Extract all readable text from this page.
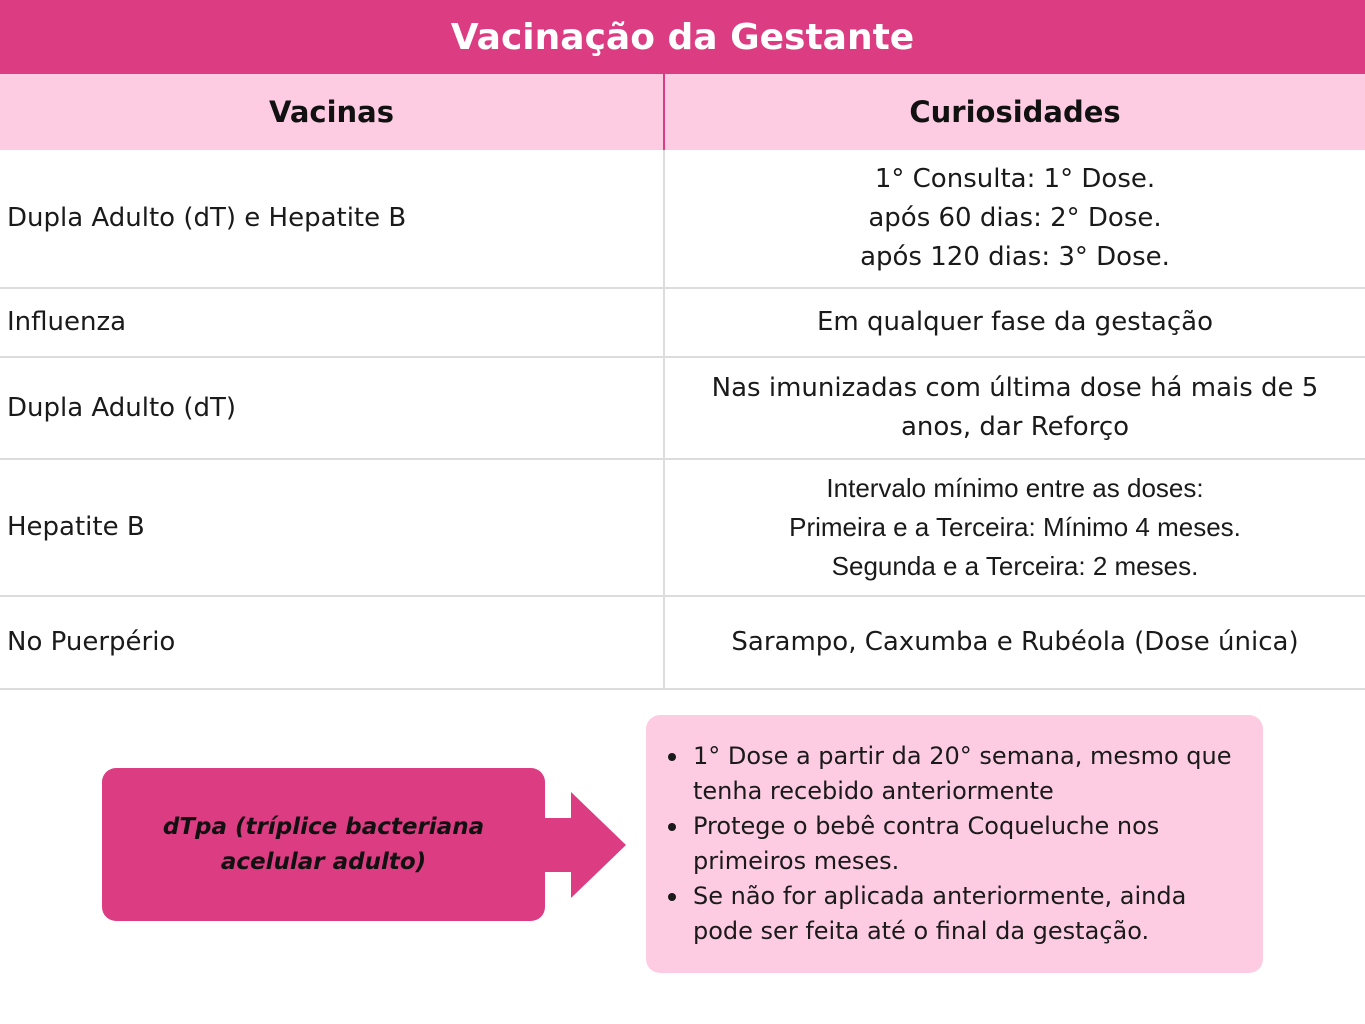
Vacinação da Gestante
Vacinas	Curiosidades
Dupla Adulto (dT) e Hepatite B	1° Consulta: 1° Dose.
após 60 dias: 2° Dose.
após 120 dias: 3° Dose.

Influenza	Em qualquer fase da gestação

Dupla Adulto (dT)	Nas imunizadas com última dose há mais de 5
anos, dar Reforço

Hepatite B	Intervalo mínimo entre as doses:
Primeira e a Terceira: Mínimo 4 meses.
Segunda e a Terceira: 2 meses.

No Puerpério	Sarampo, Caxumba e Rubéola (Dose única)
dTpa (tríplice bacteriana acelular adulto)
1° Dose a partir da 20° semana, mesmo que tenha recebido anteriormente
Protege o bebê contra Coqueluche nos primeiros meses.
Se não for aplicada anteriormente, ainda pode ser feita até o final da gestação.
